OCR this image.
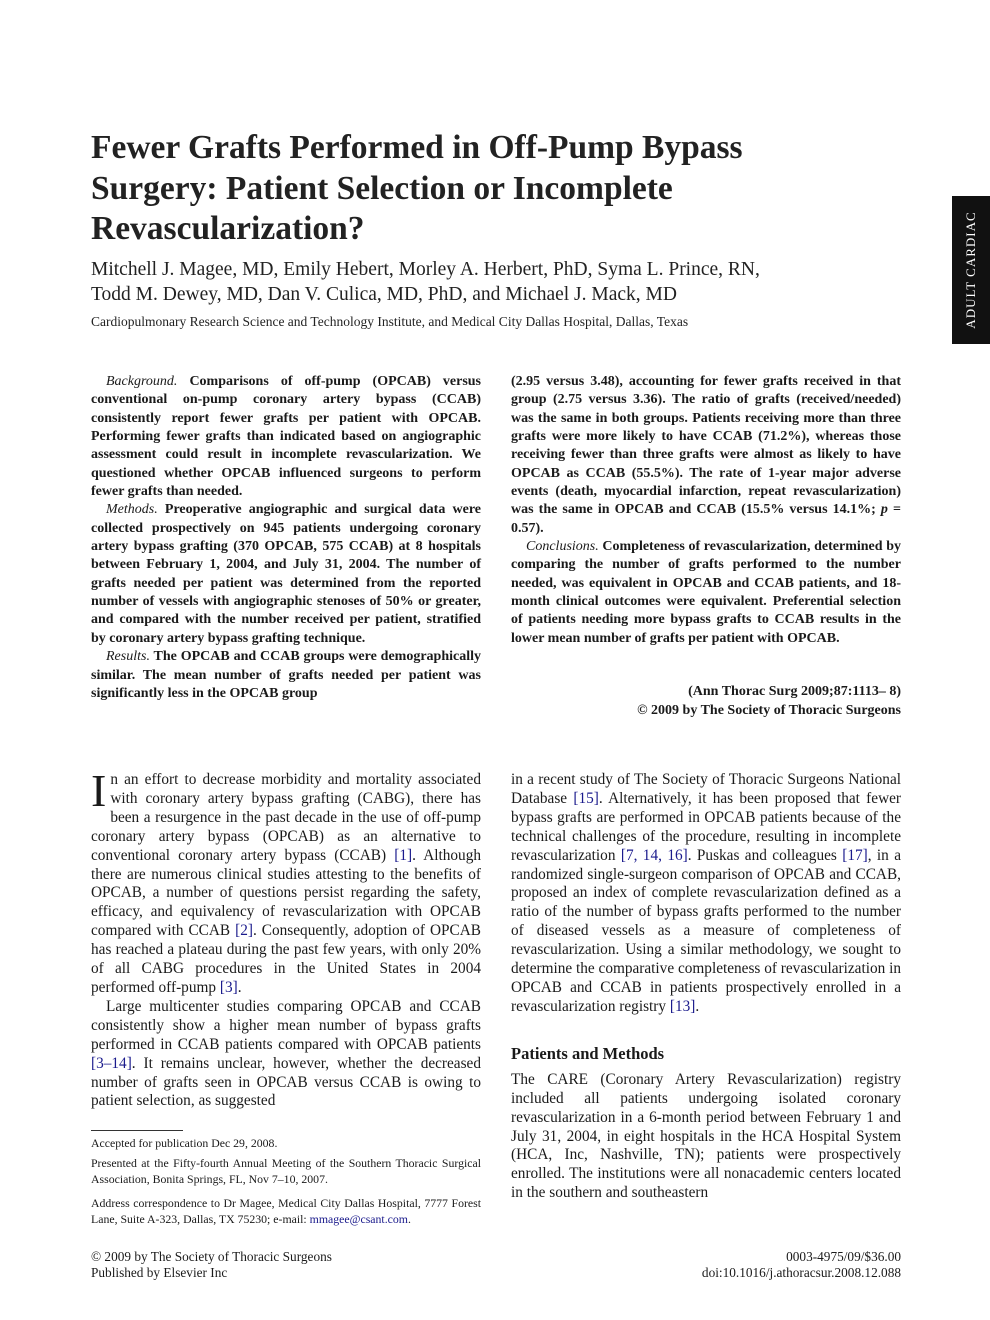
ADULT CARDIAC
Fewer Grafts Performed in Off-Pump Bypass
Surgery: Patient Selection or Incomplete
Revascularization?
Mitchell J. Magee, MD, Emily Hebert, Morley A. Herbert, PhD, Syma L. Prince, RN,
Todd M. Dewey, MD, Dan V. Culica, MD, PhD, and Michael J. Mack, MD
Cardiopulmonary Research Science and Technology Institute, and Medical City Dallas Hospital, Dallas, Texas

Background. Comparisons of off-pump (OPCAB) versus conventional on-pump coronary artery bypass (CCAB) consistently report fewer grafts per patient with OPCAB. Performing fewer grafts than indicated based on angiographic assessment could result in incomplete revascularization. We questioned whether OPCAB influenced surgeons to perform fewer grafts than needed.

Methods. Preoperative angiographic and surgical data were collected prospectively on 945 patients undergoing coronary artery bypass grafting (370 OPCAB, 575 CCAB) at 8 hospitals between February 1, 2004, and July 31, 2004. The number of grafts needed per patient was determined from the reported number of vessels with angiographic stenoses of 50% or greater, and compared with the number received per patient, stratified by coronary artery bypass grafting technique.

Results. The OPCAB and CCAB groups were demographically similar. The mean number of grafts needed per patient was significantly less in the OPCAB group

(2.95 versus 3.48), accounting for fewer grafts received in that group (2.75 versus 3.36). The ratio of grafts (received/needed) was the same in both groups. Patients receiving more than three grafts were more likely to have CCAB (71.2%), whereas those receiving fewer than three grafts were almost as likely to have OPCAB as CCAB (55.5%). The rate of 1-year major adverse events (death, myocardial infarction, repeat revascularization) was the same in OPCAB and CCAB (15.5% versus 14.1%; p = 0.57).

Conclusions. Completeness of revascularization, determined by comparing the number of grafts performed to the number needed, was equivalent in OPCAB and CCAB patients, and 18-month clinical outcomes were equivalent. Preferential selection of patients needing more bypass grafts to CCAB results in the lower mean number of grafts per patient with OPCAB.

(Ann Thorac Surg 2009;87:1113– 8)
© 2009 by The Society of Thoracic Surgeons

In an effort to decrease morbidity and mortality associated with coronary artery bypass grafting (CABG), there has been a resurgence in the past decade in the use of off-pump coronary artery bypass (OPCAB) as an alternative to conventional coronary artery bypass (CCAB) [1]. Although there are numerous clinical studies attesting to the benefits of OPCAB, a number of questions persist regarding the safety, efficacy, and equivalency of revascularization with OPCAB compared with CCAB [2]. Consequently, adoption of OPCAB has reached a plateau during the past few years, with only 20% of all CABG procedures in the United States in 2004 performed off-pump [3].

Large multicenter studies comparing OPCAB and CCAB consistently show a higher mean number of bypass grafts performed in CCAB patients compared with OPCAB patients [3–14]. It remains unclear, however, whether the decreased number of grafts seen in OPCAB versus CCAB is owing to patient selection, as suggested

in a recent study of The Society of Thoracic Surgeons National Database [15]. Alternatively, it has been proposed that fewer bypass grafts are performed in OPCAB patients because of the technical challenges of the procedure, resulting in incomplete revascularization [7, 14, 16]. Puskas and colleagues [17], in a randomized single-surgeon comparison of OPCAB and CCAB, proposed an index of complete revascularization defined as a ratio of the number of bypass grafts performed to the number of diseased vessels as a measure of completeness of revascularization. Using a similar methodology, we sought to determine the comparative completeness of revascularization in OPCAB and CCAB in patients prospectively enrolled in a revascularization registry [13].

Patients and Methods

The CARE (Coronary Artery Revascularization) registry included all patients undergoing isolated coronary revascularization in a 6-month period between February 1 and July 31, 2004, in eight hospitals in the HCA Hospital System (HCA, Inc, Nashville, TN); patients were prospectively enrolled. The institutions were all nonacademic centers located in the southern and southeastern

Accepted for publication Dec 29, 2008.
Presented at the Fifty-fourth Annual Meeting of the Southern Thoracic Surgical Association, Bonita Springs, FL, Nov 7–10, 2007.
Address correspondence to Dr Magee, Medical City Dallas Hospital, 7777 Forest Lane, Suite A-323, Dallas, TX 75230; e-mail: mmagee@csant.com.
© 2009 by The Society of Thoracic Surgeons
Published by Elsevier Inc
0003-4975/09/$36.00
doi:10.1016/j.athoracsur.2008.12.088
